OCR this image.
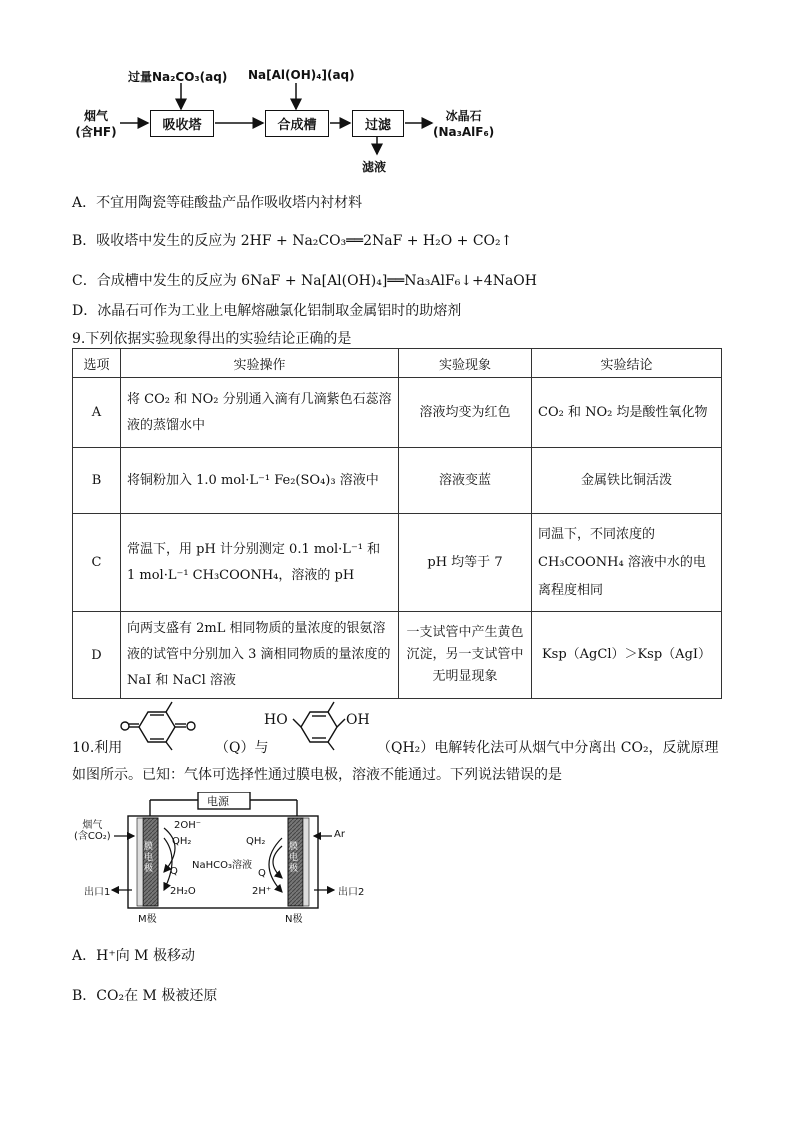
烟气
(含HF)
过量Na₂CO₃(aq) Na[Al(OH)₄](aq)
吸收塔	合成槽	过滤
冰晶石
(Na₃AlF₆)
滤液
A．不宜用陶瓷等硅酸盐产品作吸收塔内衬材料
B．吸收塔中发生的反应为 2HF + Na₂CO₃══2NaF + H₂O + CO₂↑
C．合成槽中发生的反应为 6NaF + Na[Al(OH)₄]══Na₃AlF₆↓+4NaOH
D．冰晶石可作为工业上电解熔融氯化铝制取金属铝时的助熔剂
9.下列依据实验现象得出的实验结论正确的是
选项	实验操作	实验现象	实验结论
A	将 CO₂ 和 NO₂ 分别通入滴有几滴紫色石蕊溶液的蒸馏水中	溶液均变为红色	CO₂ 和 NO₂ 均是酸性氧化物
B	将铜粉加入 1.0 mol·L⁻¹ Fe₂(SO₄)₃ 溶液中	溶液变蓝	金属铁比铜活泼
C	常温下，用 pH 计分别测定 0.1 mol·L⁻¹ 和 1 mol·L⁻¹ CH₃COONH₄，溶液的 pH	pH 均等于 7	同温下，不同浓度的 CH₃COONH₄ 溶液中水的电离程度相同
D	向两支盛有 2mL 相同物质的量浓度的银氨溶液的试管中分别加入 3 滴相同物质的量浓度的 NaI 和 NaCl 溶液	一支试管中产生黄色沉淀，另一支试管中无明显现象	Ksp（AgCl）＞Ksp（AgI）
10.利用	（Q）与
HO	OH
（QH₂）电解转化法可从烟气中分离出 CO₂，反就原理
如图所示。已知：气体可选择性通过膜电极，溶液不能通过。下列说法错误的是
电源
烟气
(含CO₂)	Ar
膜电极
膜电极
2OH⁻
QH₂
NaHCO₃溶液
Q
2H₂O
QH₂
Q
2H⁺
出口1	出口2
M极	N极
A．H⁺向 M 极移动
B．CO₂在 M 极被还原
